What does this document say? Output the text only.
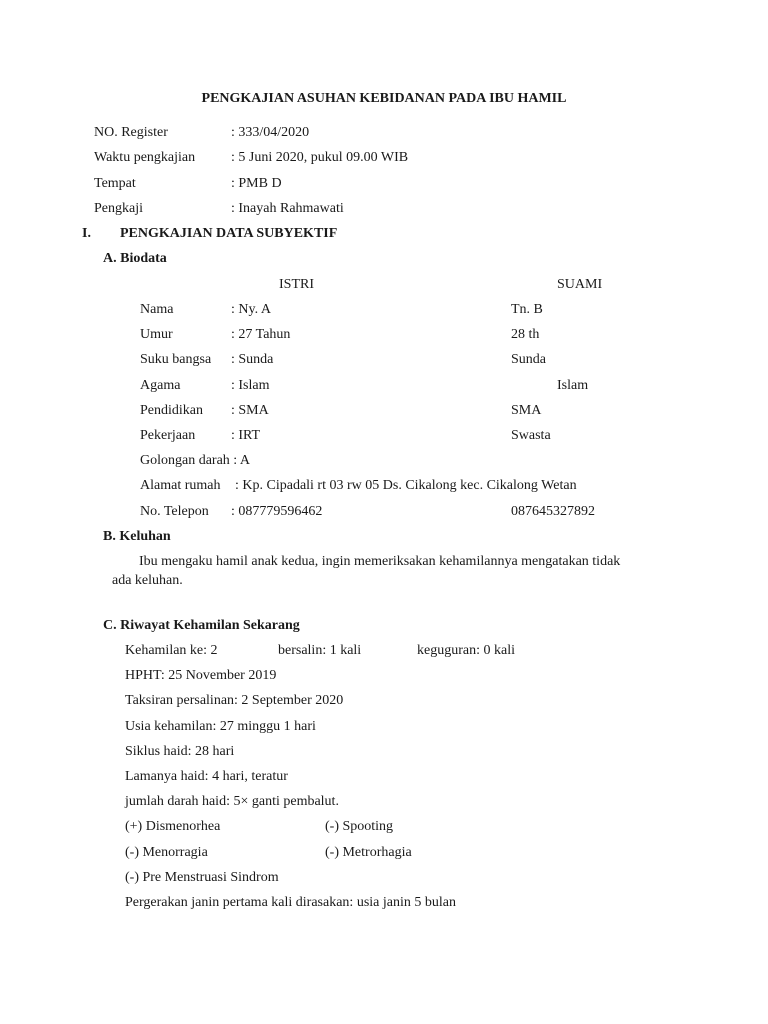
PENGKAJIAN ASUHAN KEBIDANAN PADA IBU HAMIL
NO. Register	: 333/04/2020
Waktu pengkajian	: 5 Juni 2020, pukul 09.00 WIB
Tempat	: PMB D
Pengkaji	: Inayah Rahmawati
I. PENGKAJIAN DATA SUBYEKTIF
A. Biodata
ISTRI	SUAMI
Nama	: Ny. A	Tn. B
Umur	: 27 Tahun	28 th
Suku bangsa : Sunda	Sunda
Agama	: Islam	Islam
Pendidikan : SMA	SMA
Pekerjaan	: IRT	Swasta
Golongan darah : A
Alamat rumah : Kp. Cipadali rt 03 rw 05 Ds. Cikalong kec. Cikalong Wetan
No. Telepon : 087779596462	087645327892
B. Keluhan
Ibu mengaku hamil anak kedua, ingin memeriksakan kehamilannya mengatakan tidak
ada keluhan.
C. Riwayat Kehamilan Sekarang
Kehamilan ke: 2	bersalin: 1 kali	keguguran: 0 kali
HPHT: 25 November 2019
Taksiran persalinan: 2 September 2020
Usia kehamilan: 27 minggu 1 hari
Siklus haid: 28 hari
Lamanya haid: 4 hari, teratur
jumlah darah haid: 5× ganti pembalut.
(+) Dismenorhea	(-) Spooting
(-) Menorragia	(-) Metrorhagia
(-) Pre Menstruasi Sindrom
Pergerakan janin pertama kali dirasakan: usia janin 5 bulan
